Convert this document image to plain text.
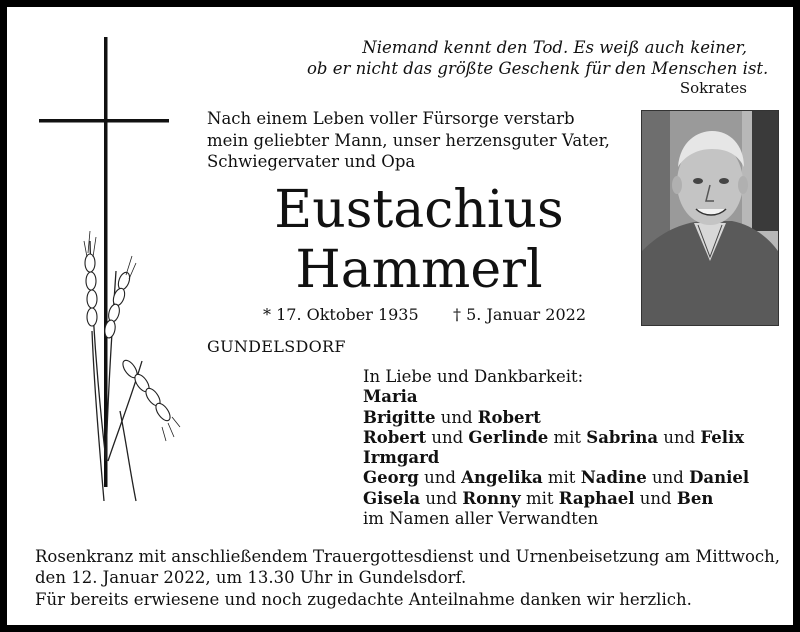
Niemand kennt den Tod. Es weiß auch keiner,
ob er nicht das größte Geschenk für den Menschen ist.
Sokrates
Nach einem Leben voller Fürsorge verstarb
mein geliebter Mann, unser herzensguter Vater,
Schwiegervater und Opa
Eustachius
Hammerl
* 17. Oktober 1935 † 5. Januar 2022
GUNDELSDORF
In Liebe und Dankbarkeit:
Maria
Brigitte und Robert
Robert und Gerlinde mit Sabrina und Felix
Irmgard
Georg und Angelika mit Nadine und Daniel
Gisela und Ronny mit Raphael und Ben
im Namen aller Verwandten
Rosenkranz mit anschließendem Trauergottesdienst und Urnenbeisetzung am Mittwoch,
den 12. Januar 2022, um 13.30 Uhr in Gundelsdorf.
Für bereits erwiesene und noch zugedachte Anteilnahme danken wir herzlich.
